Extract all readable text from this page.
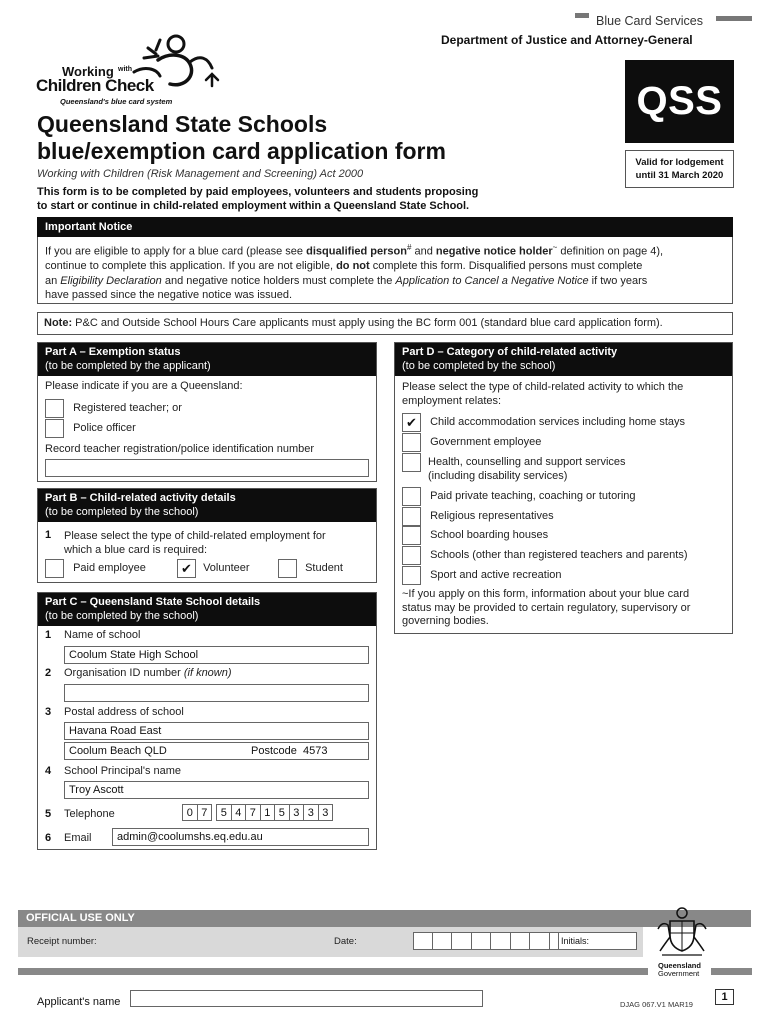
Blue Card Services
Department of Justice and Attorney-General
Working with
Children Check
Queensland's blue card system	QSS
Valid for lodgement
until 31 March 2020
Queensland State Schools
blue/exemption card application form
Working with Children (Risk Management and Screening) Act 2000
This form is to be completed by paid employees, volunteers and students proposing
to start or continue in child-related employment within a Queensland State School.
Important Notice
If you are eligible to apply for a blue card (please see disqualified person# and negative notice holder~ definition on page 4),
continue to complete this application. If you are not eligible, do not complete this form. Disqualified persons must complete
an Eligibility Declaration and negative notice holders must complete the Application to Cancel a Negative Notice if two years
have passed since the negative notice was issued.
Note: P&C and Outside School Hours Care applicants must apply using the BC form 001 (standard blue card application form).
Part A – Exemption status
(to be completed by the applicant)
Please indicate if you are a Queensland:
Registered teacher; or
Police officer
Record teacher registration/police identification number
Part B – Child-related activity details
(to be completed by the school)
1 Please select the type of child-related employment for
which a blue card is required:
Paid employee	✔ Volunteer	Student
Part C – Queensland State School details
(to be completed by the school)
1 Name of school
Coolum State High School
2 Organisation ID number (if known)
3 Postal address of school
Havana Road East
Coolum Beach QLD	Postcode 4573
4 School Principal's name
Troy Ascott
5 Telephone	0 7	5 4 7 1 5 3 3 3
6 Email	admin@coolumshs.eq.edu.au
Part D – Category of child-related activity
(to be completed by the school)
Please select the type of child-related activity to which the
employment relates:
✔ Child accommodation services including home stays
Government employee
Health, counselling and support services
(including disability services)
Paid private teaching, coaching or tutoring
Religious representatives
School boarding houses
Schools (other than registered teachers and parents)
Sport and active recreation
~If you apply on this form, information about your blue card
status may be provided to certain regulatory, supervisory or
governing bodies.
OFFICIAL USE ONLY
Receipt number:	Date:	Initials:
Queensland
Government
Applicant's name	DJAG 067.V1 MAR19
1
